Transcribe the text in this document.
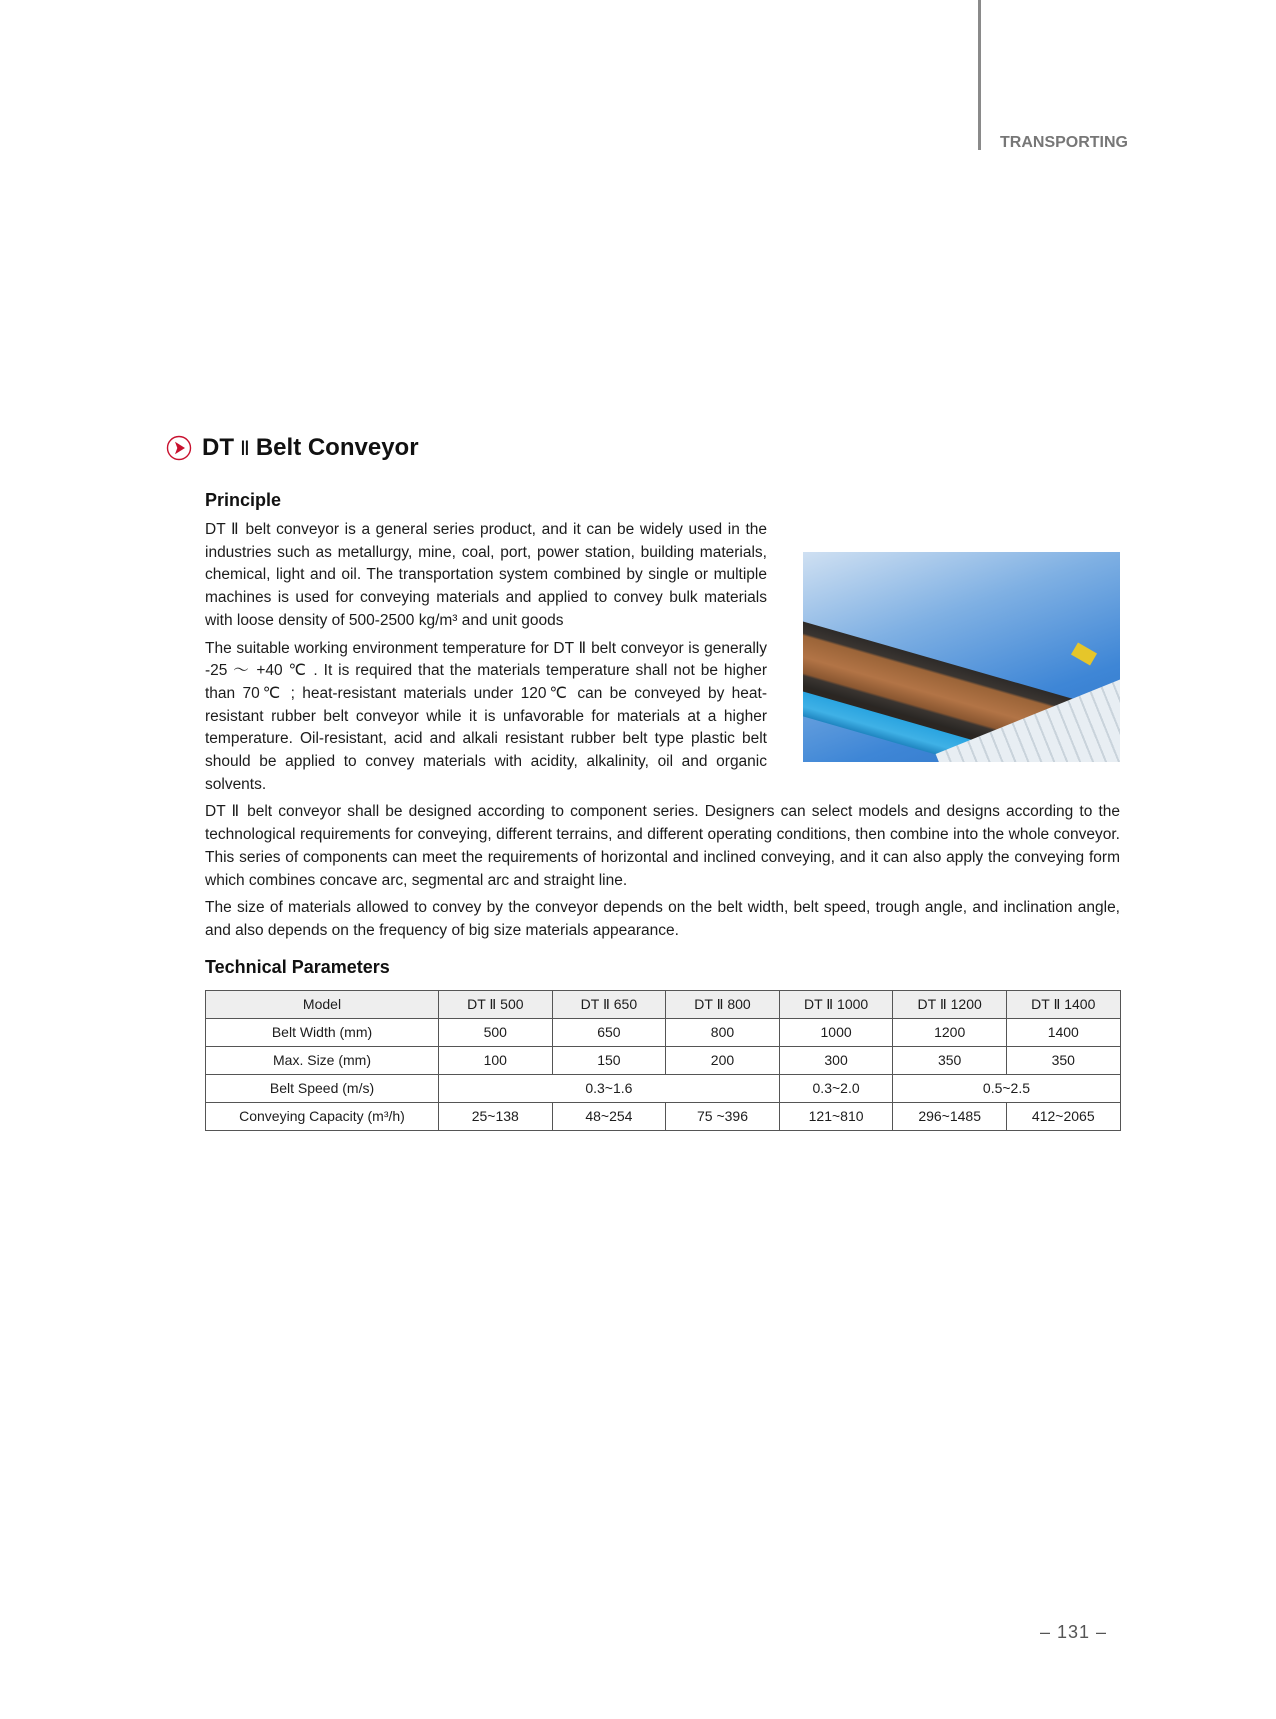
TRANSPORTING
DT Ⅱ Belt Conveyor
Principle

DT Ⅱ belt conveyor is a general series product, and it can be widely used in the industries such as metallurgy, mine, coal, port, power station, building materials, chemical, light and oil. The transportation system combined by single or multiple machines is used for conveying materials and applied to convey bulk materials with loose density of 500-2500 kg/m³ and unit goods

The suitable working environment temperature for DT Ⅱ belt conveyor is generally -25 ～ +40 ℃ . It is required that the materials temperature shall not be higher than 70℃ ; heat-resistant materials under 120℃ can be conveyed by heat-resistant rubber belt conveyor while it is unfavorable for materials at a higher temperature. Oil-resistant, acid and alkali resistant rubber belt type plastic belt should be applied to convey materials with acidity, alkalinity, oil and organic solvents.

DT Ⅱ belt conveyor shall be designed according to component series. Designers can select models and designs according to the technological requirements for conveying, different terrains, and different operating conditions, then combine into the whole conveyor. This series of components can meet the requirements of horizontal and inclined conveying, and it can also apply the conveying form which combines concave arc, segmental arc and straight line.

The size of materials allowed to convey by the conveyor depends on the belt width, belt speed, trough angle, and inclination angle, and also depends on the frequency of big size materials appearance.

Technical Parameters
Model	DT Ⅱ 500	DT Ⅱ 650	DT Ⅱ 800	DT Ⅱ 1000	DT Ⅱ 1200	DT Ⅱ 1400
Belt Width (mm)	500	650	800	1000	1200	1400
Max. Size (mm)	100	150	200	300	350	350
Belt Speed (m/s)	0.3~1.6			0.3~2.0	0.5~2.5	
Conveying Capacity (m³/h)	25~138	48~254	75 ~396	121~810	296~1485	412~2065
– 131 –
